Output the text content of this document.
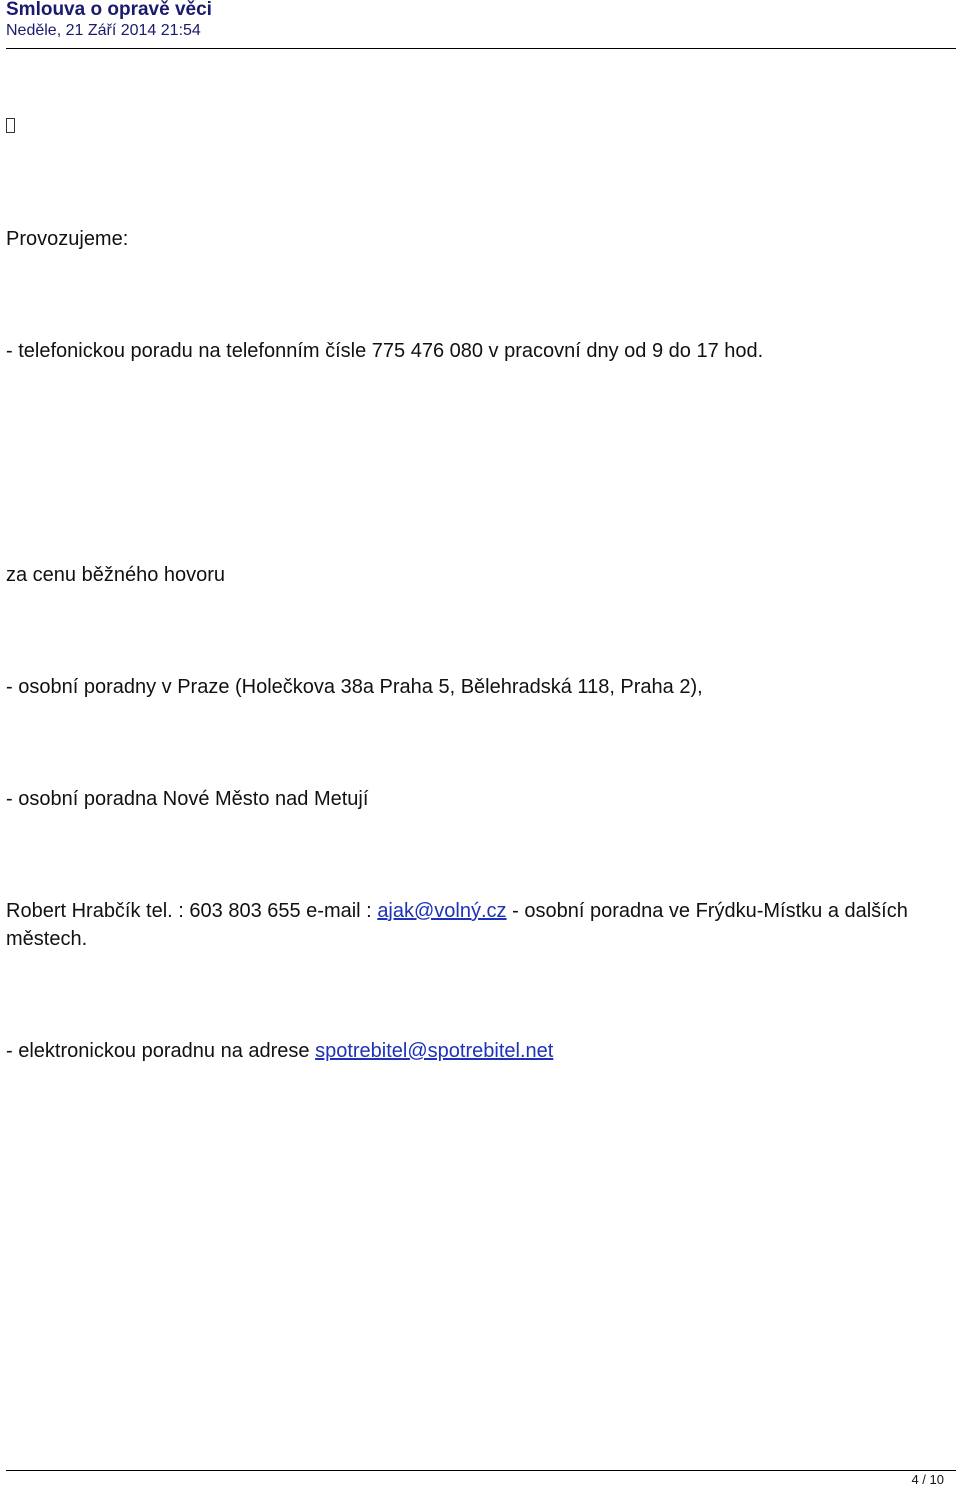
Smlouva o opravě věci
Neděle, 21 Září 2014 21:54
Provozujeme:
- telefonickou poradu na telefonním čísle 775 476 080 v pracovní dny od 9 do 17 hod.
za cenu běžného hovoru
- osobní poradny v Praze (Holečkova 38a Praha 5, Bělehradská 118, Praha 2),
- osobní poradna Nové Město nad Metují
Robert Hrabčík tel. : 603 803 655 e-mail : ajak@volný.cz - osobní poradna ve Frýdku-Místku a dalších městech.
- elektronickou poradnu na adrese spotrebitel@spotrebitel.net
4 / 10
